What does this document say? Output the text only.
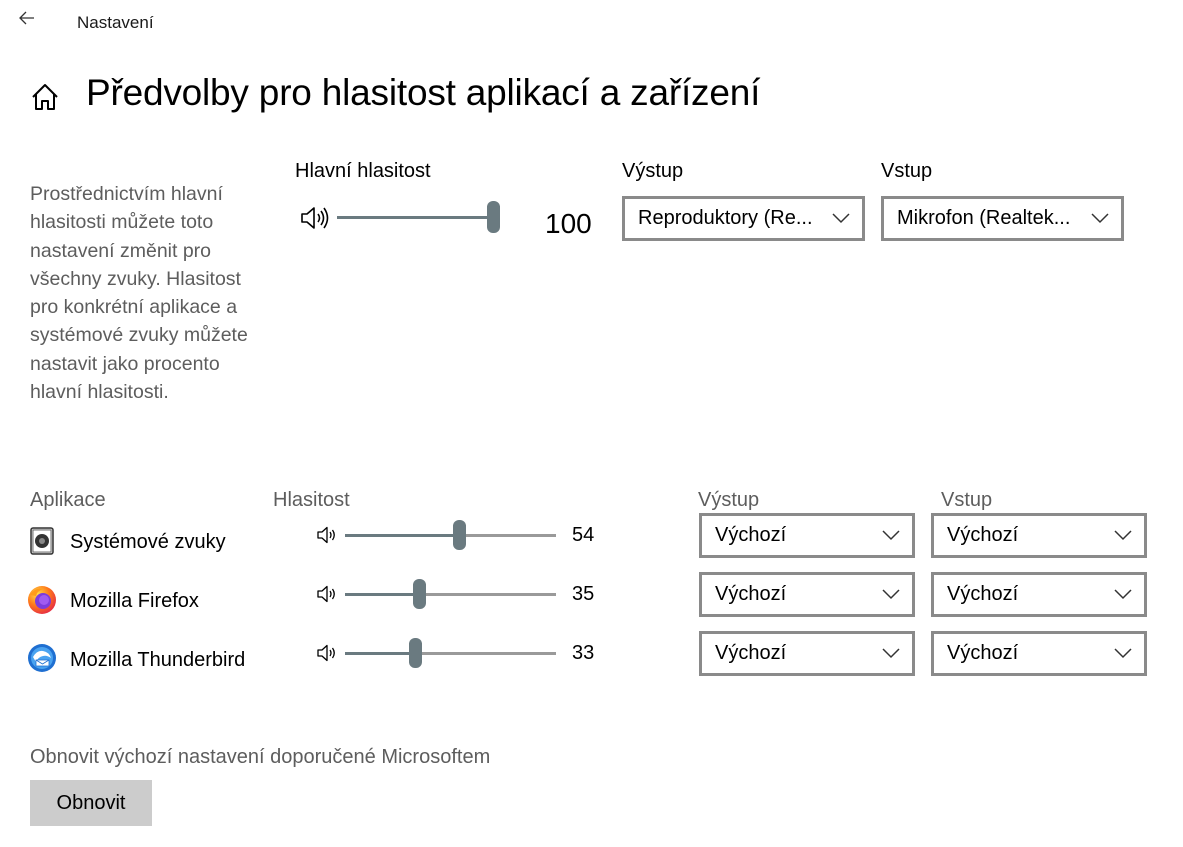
Nastavení
Předvolby pro hlasitost aplikací a zařízení
Prostřednictvím hlavní hlasitosti můžete toto nastavení změnit pro všechny zvuky. Hlasitost pro konkrétní aplikace a systémové zvuky můžete nastavit jako procento hlavní hlasitosti.
Hlavní hlasitost
100
Výstup
Reproduktory (Re...
Vstup
Mikrofon (Realtek...
Aplikace	Hlasitost	Výstup	Vstup
Systémové zvuky	54	Výchozí	Výchozí
Mozilla Firefox	35	Výchozí	Výchozí
Mozilla Thunderbird	33	Výchozí	Výchozí
Obnovit výchozí nastavení doporučené Microsoftem
Obnovit
